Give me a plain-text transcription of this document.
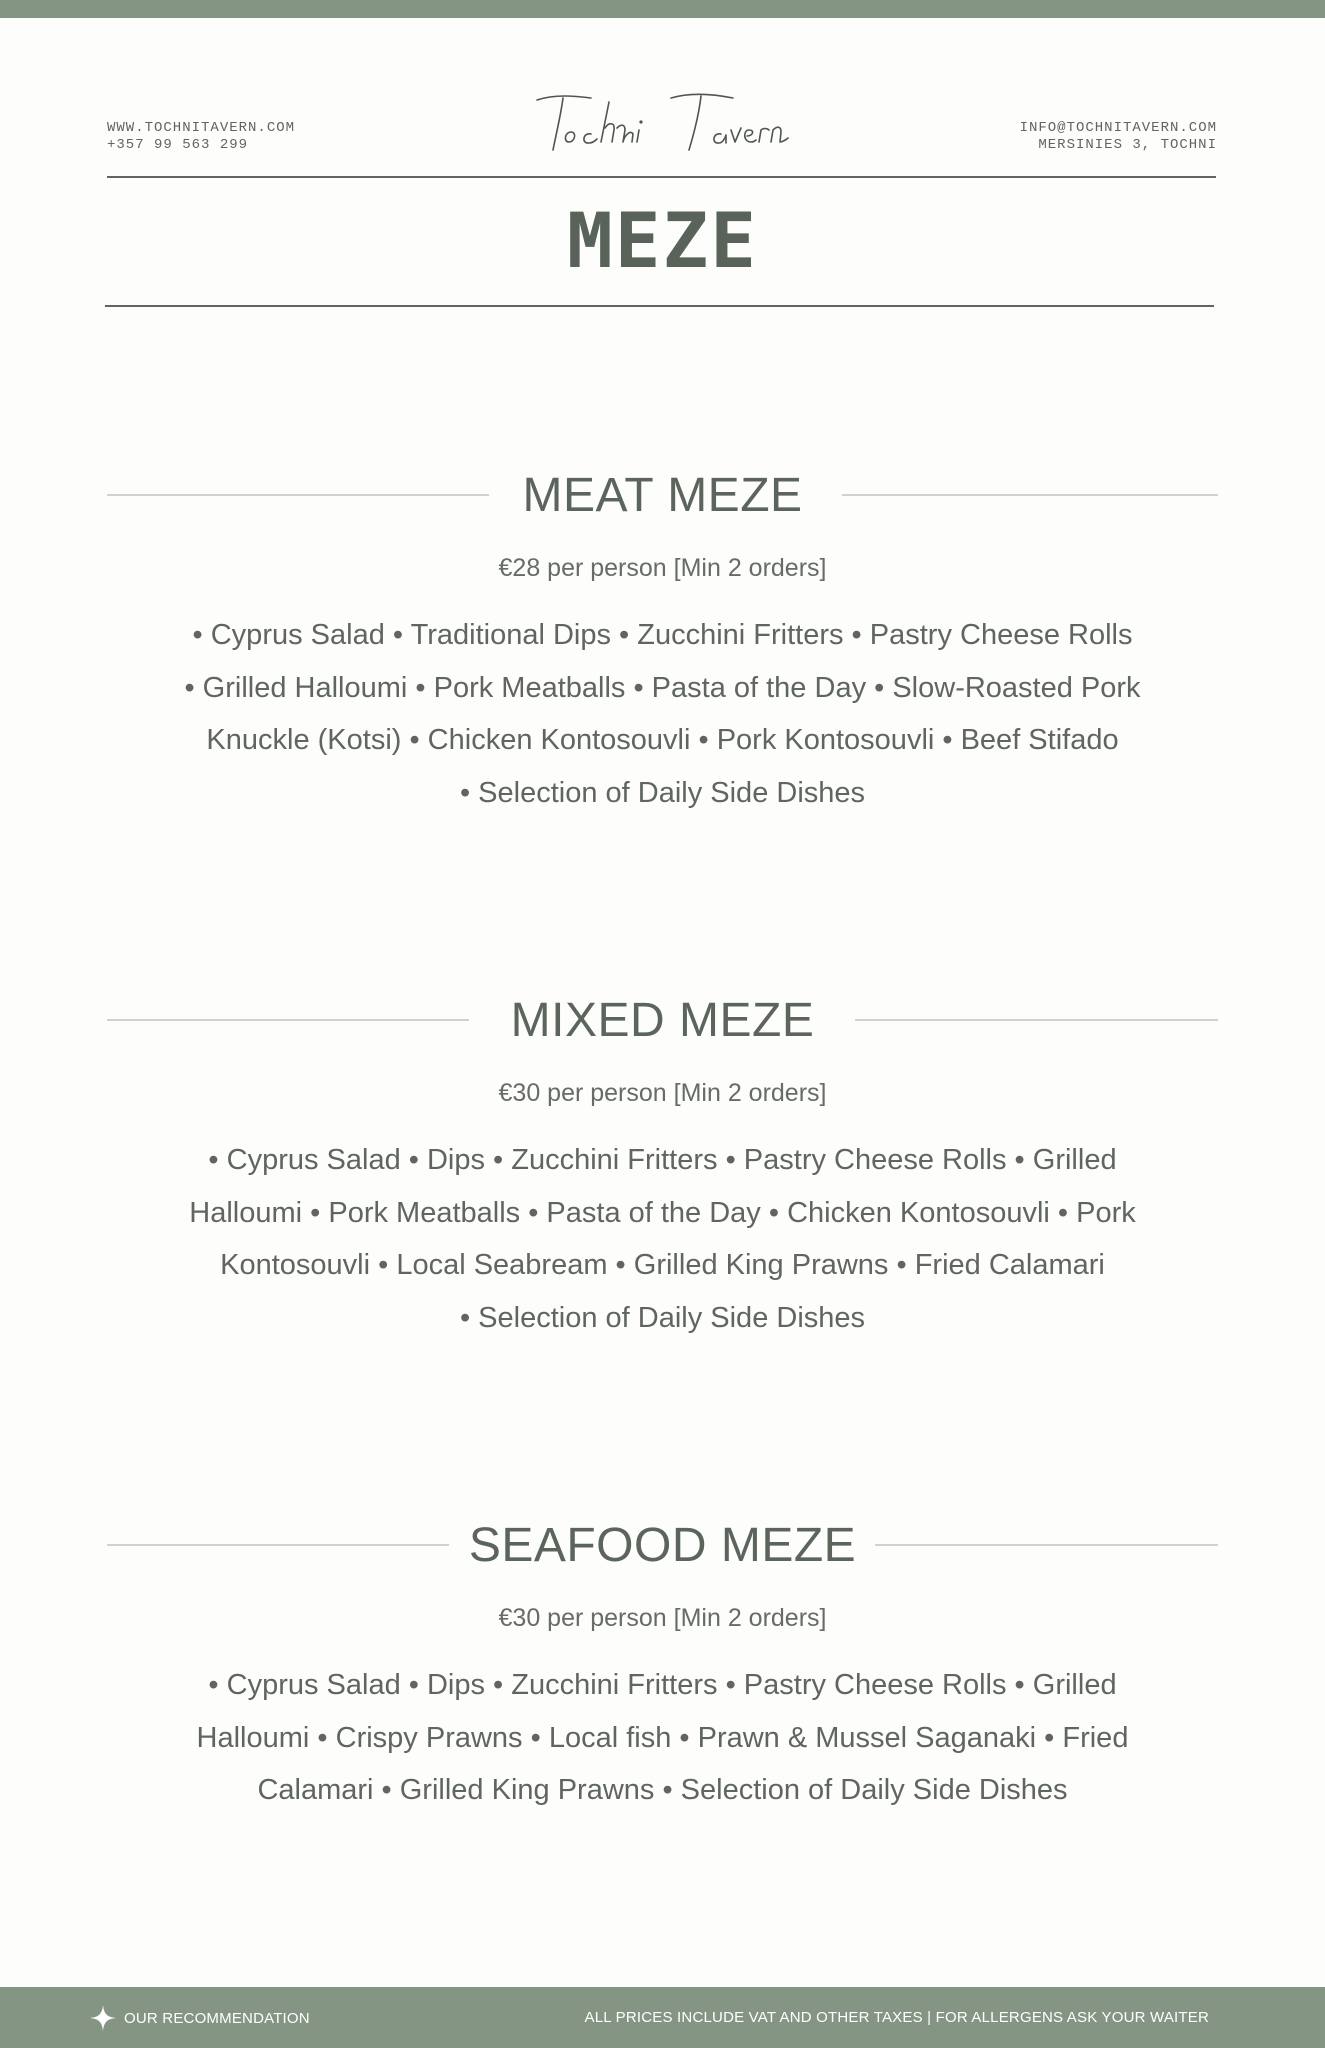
WWW.TOCHNITAVERN.COM
+357 99 563 299
INFO@TOCHNITAVERN.COM
MERSINIES 3, TOCHNI
MEZE
MEAT MEZE
€28 per person [Min 2 orders]
• Cyprus Salad • Traditional Dips • Zucchini Fritters • Pastry Cheese Rolls
• Grilled Halloumi • Pork Meatballs • Pasta of the Day • Slow-Roasted Pork
Knuckle (Kotsi) • Chicken Kontosouvli • Pork Kontosouvli • Beef Stifado
• Selection of Daily Side Dishes
MIXED MEZE
€30 per person [Min 2 orders]
• Cyprus Salad • Dips • Zucchini Fritters • Pastry Cheese Rolls • Grilled
Halloumi • Pork Meatballs • Pasta of the Day • Chicken Kontosouvli • Pork
Kontosouvli • Local Seabream • Grilled King Prawns • Fried Calamari
• Selection of Daily Side Dishes
SEAFOOD MEZE
€30 per person [Min 2 orders]
• Cyprus Salad • Dips • Zucchini Fritters • Pastry Cheese Rolls • Grilled
Halloumi • Crispy Prawns • Local fish • Prawn & Mussel Saganaki • Fried
Calamari • Grilled King Prawns • Selection of Daily Side Dishes
OUR RECOMMENDATION	ALL PRICES INCLUDE VAT AND OTHER TAXES | FOR ALLERGENS ASK YOUR WAITER
